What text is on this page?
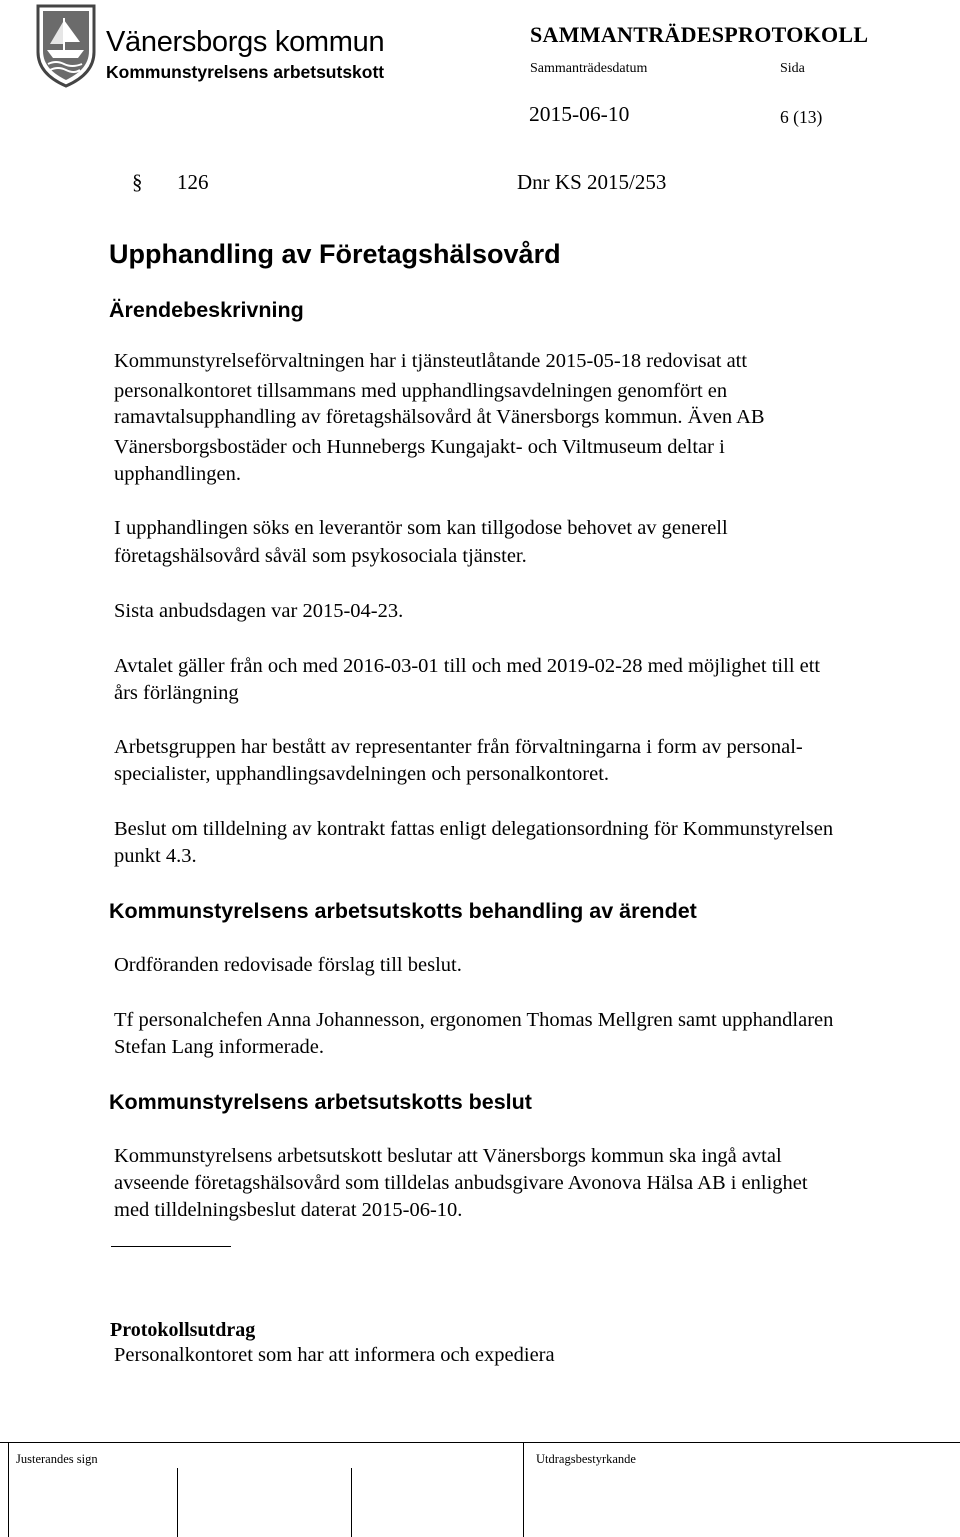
Vänersborgs kommun
Kommunstyrelsens arbetsutskott
SAMMANTRÄDESPROTOKOLL
Sammanträdesdatum	Sida
2015-06-10	6 (13)
§ 126	Dnr KS 2015/253
Upphandling av Företagshälsovård
Ärendebeskrivning
Kommunstyrelseförvaltningen har i tjänsteutlåtande 2015-05-18 redovisat att
personalkontoret tillsammans med upphandlingsavdelningen genomfört en
ramavtalsupphandling av företagshälsovård åt Vänersborgs kommun. Även AB
Vänersborgsbostäder och Hunnebergs Kungajakt- och Viltmuseum deltar i
upphandlingen.
I upphandlingen söks en leverantör som kan tillgodose behovet av generell
företagshälsovård såväl som psykosociala tjänster.
Sista anbudsdagen var 2015-04-23.
Avtalet gäller från och med 2016-03-01 till och med 2019-02-28 med möjlighet till ett
års förlängning
Arbetsgruppen har bestått av representanter från förvaltningarna i form av personal-
specialister, upphandlingsavdelningen och personalkontoret.
Beslut om tilldelning av kontrakt fattas enligt delegationsordning för Kommunstyrelsen
punkt 4.3.
Kommunstyrelsens arbetsutskotts behandling av ärendet
Ordföranden redovisade förslag till beslut.
Tf personalchefen Anna Johannesson, ergonomen Thomas Mellgren samt upphandlaren
Stefan Lang informerade.
Kommunstyrelsens arbetsutskotts beslut
Kommunstyrelsens arbetsutskott beslutar att Vänersborgs kommun ska ingå avtal
avseende företagshälsovård som tilldelas anbudsgivare Avonova Hälsa AB i enlighet
med tilldelningsbeslut daterat 2015-06-10.
Protokollsutdrag
Personalkontoret som har att informera och expediera
Justerandes sign	Utdragsbestyrkande
